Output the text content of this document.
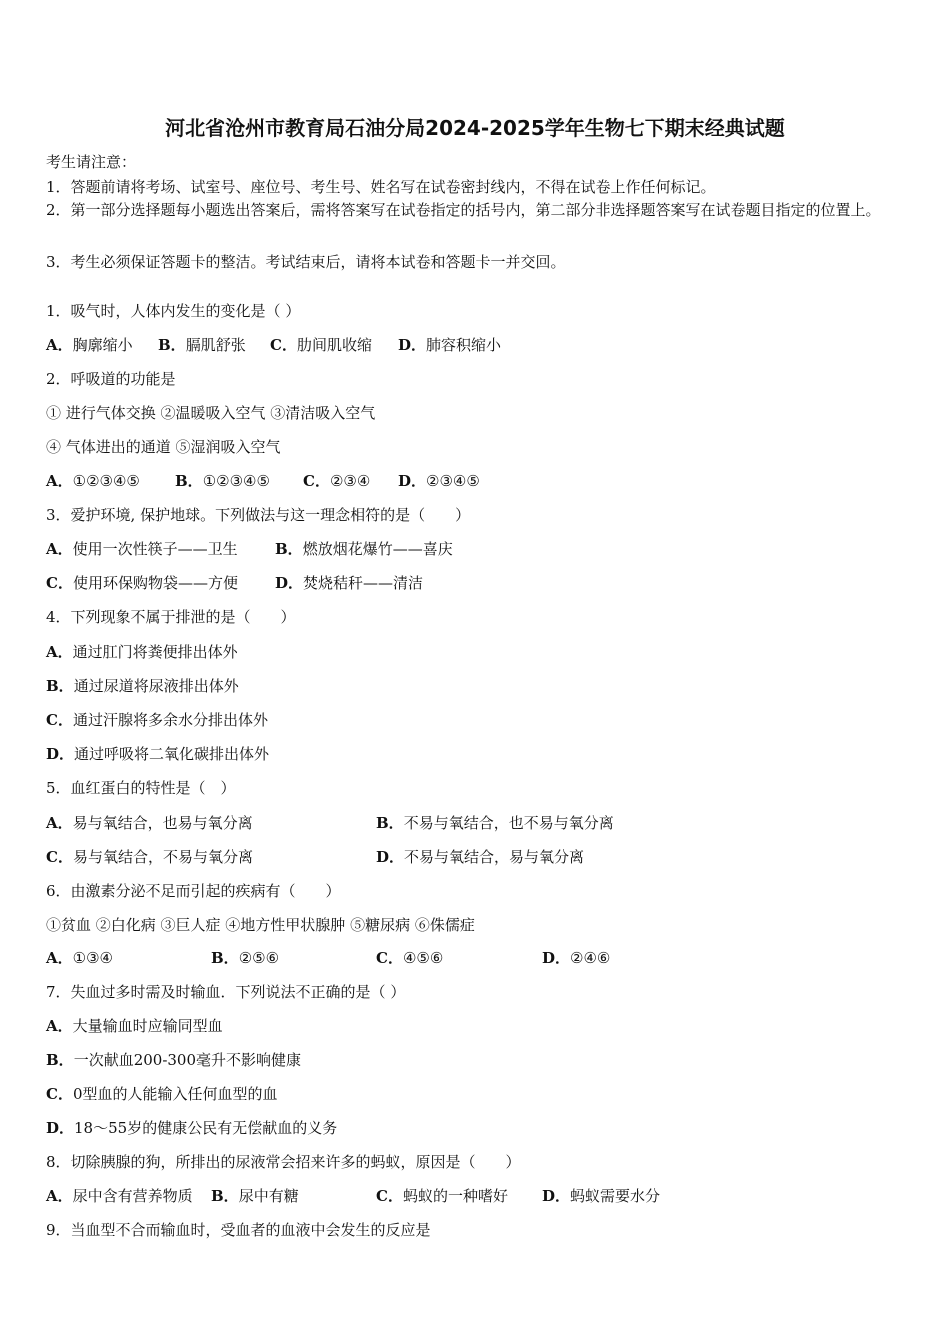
河北省沧州市教育局石油分局2024-2025学年生物七下期末经典试题
考生请注意：
1．答题前请将考场、试室号、座位号、考生号、姓名写在试卷密封线内，不得在试卷上作任何标记。
2．第一部分选择题每小题选出答案后，需将答案写在试卷指定的括号内，第二部分非选择题答案写在试卷题目指定的位置上。
3．考生必须保证答题卡的整洁。考试结束后，请将本试卷和答题卡一并交回。
1．吸气时，人体内发生的变化是（ ）
A．胸廓缩小 B．膈肌舒张 C．肋间肌收缩 D．肺容积缩小
2．呼吸道的功能是
① 进行气体交换 ②温暖吸入空气 ③清洁吸入空气
④ 气体进出的通道 ⑤湿润吸入空气
A．①②③④⑤ B．①②③④⑤ C．②③④ D．②③④⑤
3．爱护环境, 保护地球。下列做法与这一理念相符的是（　　）
A．使用一次性筷子——卫生 B．燃放烟花爆竹——喜庆
C．使用环保购物袋——方便 D．焚烧秸秆——清洁
4．下列现象不属于排泄的是（　　）
A．通过肛门将粪便排出体外
B．通过尿道将尿液排出体外
C．通过汗腺将多余水分排出体外
D．通过呼吸将二氧化碳排出体外
5．血红蛋白的特性是（　）
A．易与氧结合，也易与氧分离	B．不易与氧结合，也不易与氧分离
C．易与氧结合，不易与氧分离	D．不易与氧结合，易与氧分离
6．由激素分泌不足而引起的疾病有（　　）
①贫血 ②白化病 ③巨人症 ④地方性甲状腺肿 ⑤糖尿病 ⑥侏儒症
A．①③④	B．②⑤⑥	C．④⑤⑥	D．②④⑥
7．失血过多时需及时输血．下列说法不正确的是（ ）
A．大量输血时应输同型血
B．一次献血200-300毫升不影响健康
C．0型血的人能输入任何血型的血
D．18～55岁的健康公民有无偿献血的义务
8．切除胰腺的狗，所排出的尿液常会招来许多的蚂蚁，原因是（　　）
A．尿中含有营养物质 B．尿中有糖	C．蚂蚁的一种嗜好 D．蚂蚁需要水分
9．当血型不合而输血时，受血者的血液中会发生的反应是
